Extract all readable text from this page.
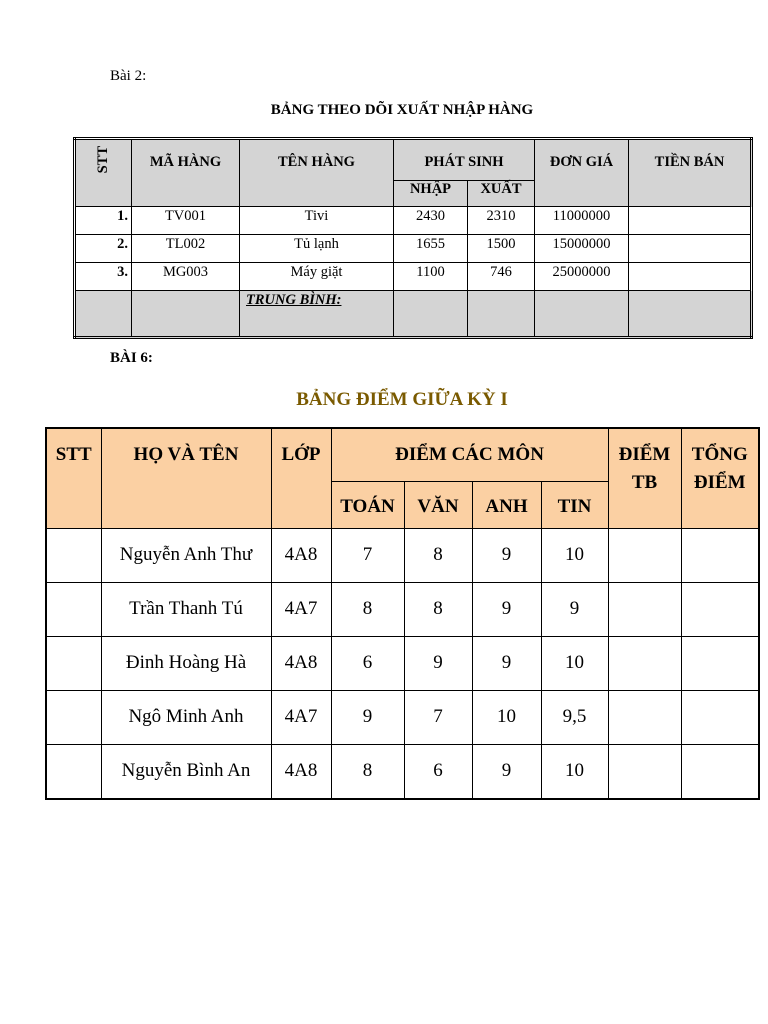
Bài 2:
BẢNG THEO DÕI XUẤT NHẬP HÀNG
STT	MÃ HÀNG	TÊN HÀNG	PHÁT SINH		ĐƠN GIÁ	TIỀN BÁN
			NHẬP	XUẤT		
1.	TV001	Tivi	2430	2310	11000000	
2.	TL002	Tủ lạnh	1655	1500	15000000	
3.	MG003	Máy giặt	1100	746	25000000	
		TRUNG BÌNH:				
BÀI 6:
BẢNG ĐIỂM GIỮA KỲ I
STT	HỌ VÀ TÊN	LỚP	ĐIỂM CÁC MÔN				ĐIỂM TB	TỔNG ĐIỂM
			TOÁN	VĂN	ANH	TIN		
	Nguyễn Anh Thư	4A8	7	8	9	10		
	Trần Thanh Tú	4A7	8	8	9	9		
	Đinh Hoàng Hà	4A8	6	9	9	10		
	Ngô Minh Anh	4A7	9	7	10	9,5		
	Nguyễn Bình An	4A8	8	6	9	10		
